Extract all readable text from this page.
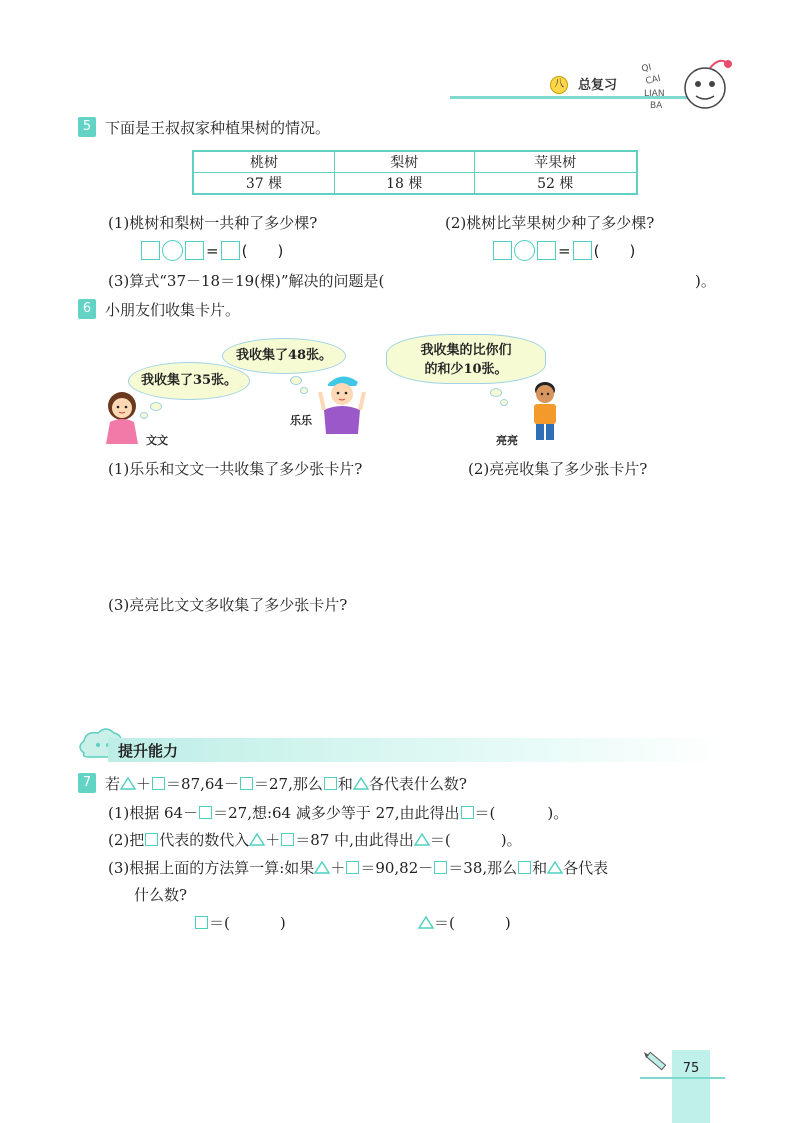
八	总复习
QI
CAI
LIAN
BA
5 下面是王叔叔家种植果树的情况。
桃树	梨树	苹果树
37 棵	18 棵	52 棵
(1)桃树和梨树一共种了多少棵?	(2)桃树比苹果树少种了多少棵?
= ( )	= ( )
(3)算式“37－18＝19(棵)”解决的问题是(	)。
6 小朋友们收集卡片。
我收集了35张。
我收集了48张。	我收集的比你们
的和少10张。
文文
乐乐
亮亮
(1)乐乐和文文一共收集了多少张卡片?	(2)亮亮收集了多少张卡片?
(3)亮亮比文文多收集了多少张卡片?
提升能力
7 若 ＋ ＝87,64－ ＝27,那么 和 各代表什么数?
(1)根据 64－ ＝27,想:64 减多少等于 27,由此得出 ＝(	)。
(2)把 代表的数代入 ＋ ＝87 中,由此得出 ＝(	)。
(3)根据上面的方法算一算:如果 ＋ ＝90,82－ ＝38,那么 和 各代表
什么数?
＝(	)	＝(	)
75
